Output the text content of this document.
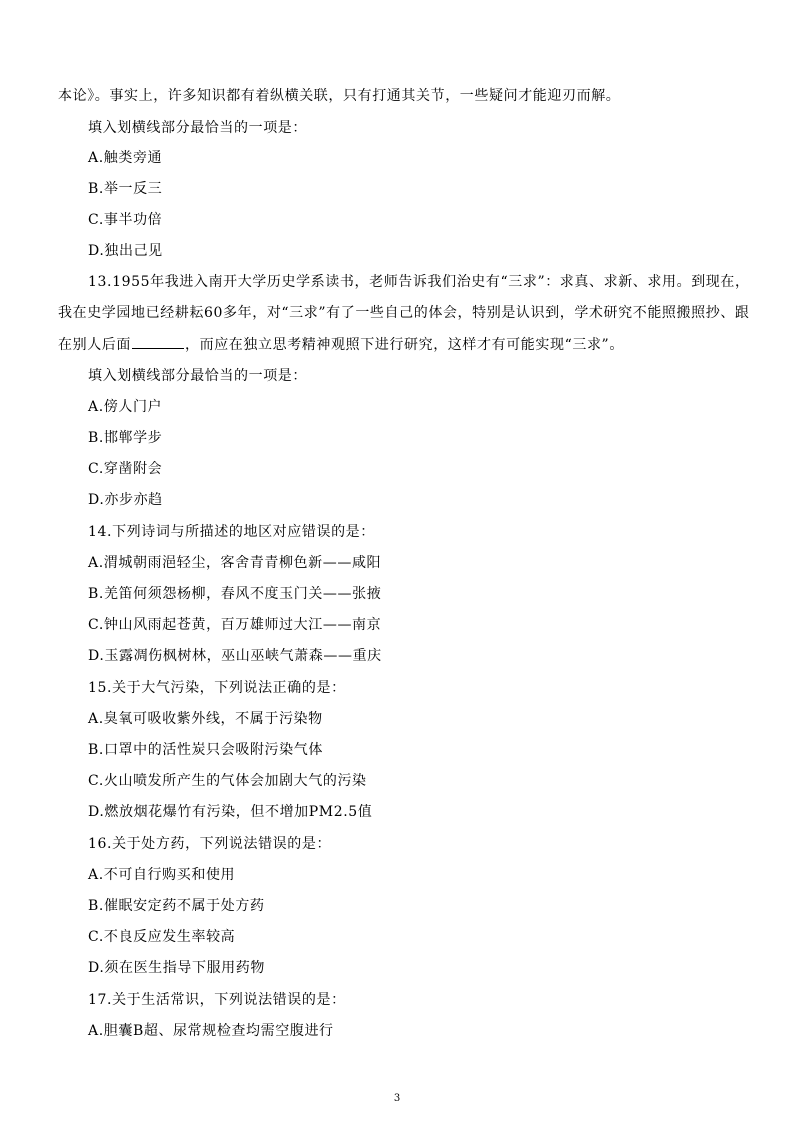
本论》。事实上，许多知识都有着纵横关联，只有打通其关节，一些疑问才能迎刃而解。
填入划横线部分最恰当的一项是：
A.触类旁通
B.举一反三
C.事半功倍
D.独出己见
13.1955年我进入南开大学历史学系读书，老师告诉我们治史有“三求”：求真、求新、求用。到现在，
我在史学园地已经耕耘60多年，对“三求”有了一些自己的体会，特别是认识到，学术研究不能照搬照抄、跟
在别人后面	，而应在独立思考精神观照下进行研究，这样才有可能实现“三求”。
填入划横线部分最恰当的一项是：
A.傍人门户
B.邯郸学步
C.穿凿附会
D.亦步亦趋
14.下列诗词与所描述的地区对应错误的是：
A.渭城朝雨浥轻尘，客舍青青柳色新——咸阳
B.羌笛何须怨杨柳，春风不度玉门关——张掖
C.钟山风雨起苍黄，百万雄师过大江——南京
D.玉露凋伤枫树林，巫山巫峡气萧森——重庆
15.关于大气污染，下列说法正确的是：
A.臭氧可吸收紫外线，不属于污染物
B.口罩中的活性炭只会吸附污染气体
C.火山喷发所产生的气体会加剧大气的污染
D.燃放烟花爆竹有污染，但不增加PM2.5值
16.关于处方药，下列说法错误的是：
A.不可自行购买和使用
B.催眠安定药不属于处方药
C.不良反应发生率较高
D.须在医生指导下服用药物
17.关于生活常识，下列说法错误的是：
A.胆囊B超、尿常规检查均需空腹进行
3
